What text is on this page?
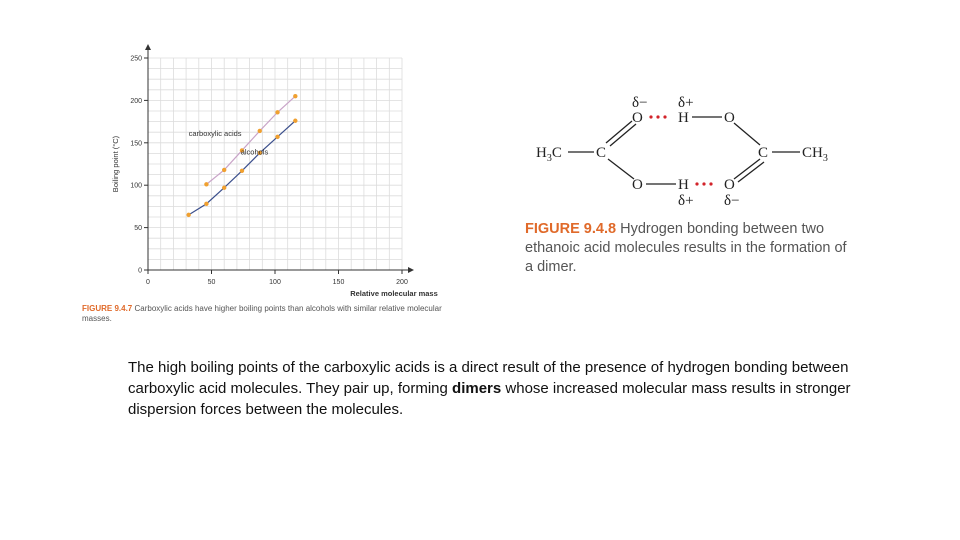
0	50	100	150	200
0
50
100
150
200
250
Relative molecular mass
Boiling point (°C)
carboxylic acids
alcohols
FIGURE 9.4.7 Carboxylic acids have higher boiling points than alcohols with similar relative molecular masses.
δ− δ+
O H O
$H_3C$ C	C $CH_3$
O H O
δ+ δ−
FIGURE 9.4.8 Hydrogen bonding between two ethanoic acid molecules results in the formation of a dimer.

The high boiling points of the carboxylic acids is a direct result of the presence of hydrogen bonding between carboxylic acid molecules. They pair up, forming dimers whose increased molecular mass results in stronger dispersion forces between the molecules.
